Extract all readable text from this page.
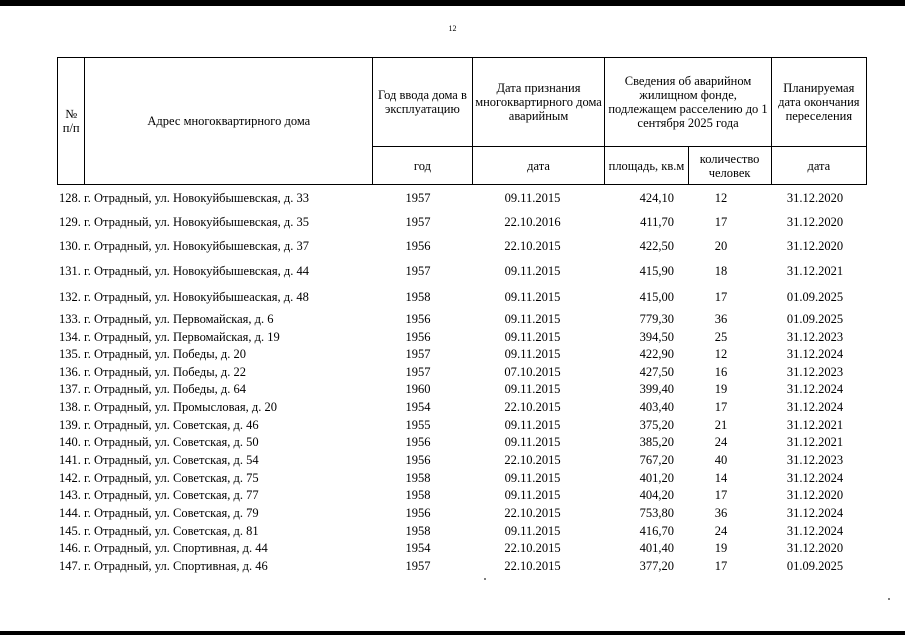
12
№ п/п	Адрес многоквартирного дома	Год ввода дома в эксплуатацию	Дата признания многоквартирного дома аварийным	Сведения об аварийном жилищном фонде, подлежащем расселению до 1 сентября 2025 года		Планируемая дата окончания переселения
		год	дата	площадь, кв.м	количество человек	дата
128. г. Отрадный, ул. Новокуйбышевская, д. 33	1957	09.11.2015	424,10	12	31.12.2020
129. г. Отрадный, ул. Новокуйбышевская, д. 35	1957	22.10.2016	411,70	17	31.12.2020
130. г. Отрадный, ул. Новокуйбышевская, д. 37	1956	22.10.2015	422,50	20	31.12.2020
131. г. Отрадный, ул. Новокуйбышевская, д. 44	1957	09.11.2015	415,90	18	31.12.2021
132. г. Отрадный, ул. Новокуйбышеаская, д. 48	1958	09.11.2015	415,00	17	01.09.2025
133. г. Отрадный, ул. Первомайская, д. 6	1956	09.11.2015	779,30	36	01.09.2025
134. г. Отрадный, ул. Первомайская, д. 19	1956	09.11.2015	394,50	25	31.12.2023
135. г. Отрадный, ул. Победы, д. 20	1957	09.11.2015	422,90	12	31.12.2024
136. г. Отрадный, ул. Победы, д. 22	1957	07.10.2015	427,50	16	31.12.2023
137. г. Отрадный, ул. Победы, д. 64	1960	09.11.2015	399,40	19	31.12.2024
138. г. Отрадный, ул. Промысловая, д. 20	1954	22.10.2015	403,40	17	31.12.2024
139. г. Отрадный, ул. Советская, д. 46	1955	09.11.2015	375,20	21	31.12.2021
140. г. Отрадный, ул. Советская, д. 50	1956	09.11.2015	385,20	24	31.12.2021
141. г. Отрадный, ул. Советская, д. 54	1956	22.10.2015	767,20	40	31.12.2023
142. г. Отрадный, ул. Советская, д. 75	1958	09.11.2015	401,20	14	31.12.2024
143. г. Отрадный, ул. Советская, д. 77	1958	09.11.2015	404,20	17	31.12.2020
144. г. Отрадный, ул. Советская, д. 79	1956	22.10.2015	753,80	36	31.12.2024
145. г. Отрадный, ул. Советская, д. 81	1958	09.11.2015	416,70	24	31.12.2024
146. г. Отрадный, ул. Спортивная, д. 44	1954	22.10.2015	401,40	19	31.12.2020
147. г. Отрадный, ул. Спортивная, д. 46	1957	22.10.2015	377,20	17	01.09.2025
